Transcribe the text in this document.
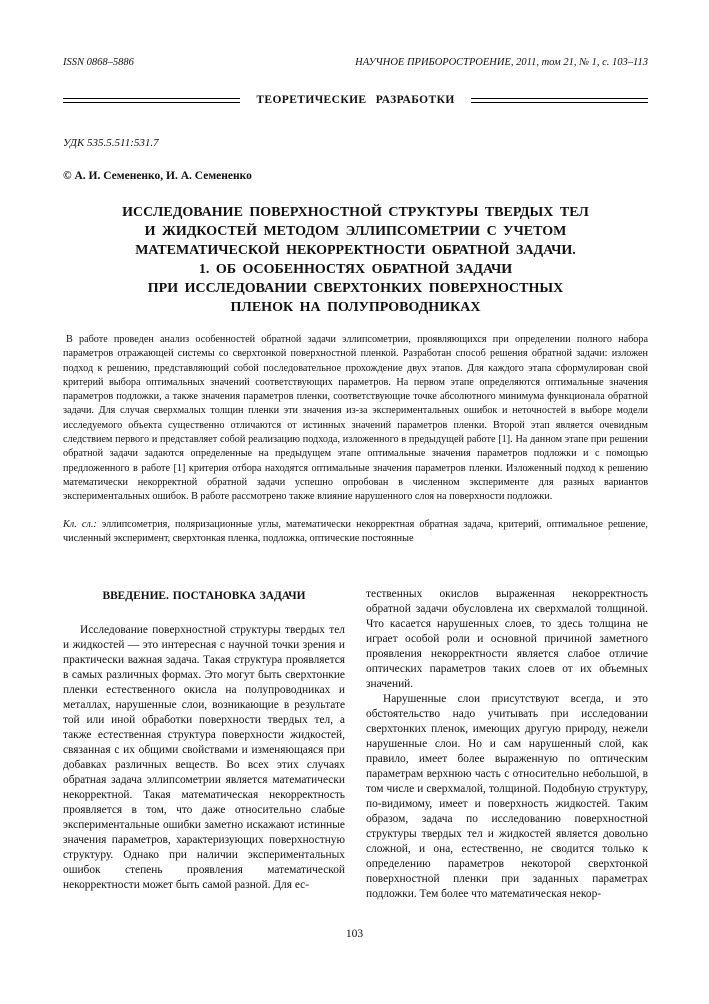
ISSN 0868–5886	НАУЧНОЕ ПРИБОРОСТРОЕНИЕ, 2011, том 21, № 1, с. 103–113
ТЕОРЕТИЧЕСКИЕ РАЗРАБОТКИ
УДК 535.5.511:531.7
© А. И. Семененко, И. А. Семененко
ИССЛЕДОВАНИЕ ПОВЕРХНОСТНОЙ СТРУКТУРЫ ТВЕРДЫХ ТЕЛ
И ЖИДКОСТЕЙ МЕТОДОМ ЭЛЛИПСОМЕТРИИ С УЧЕТОМ
МАТЕМАТИЧЕСКОЙ НЕКОРРЕКТНОСТИ ОБРАТНОЙ ЗАДАЧИ.
1. ОБ ОСОБЕННОСТЯХ ОБРАТНОЙ ЗАДАЧИ
ПРИ ИССЛЕДОВАНИИ СВЕРХТОНКИХ ПОВЕРХНОСТНЫХ
ПЛЕНОК НА ПОЛУПРОВОДНИКАХ

В работе проведен анализ особенностей обратной задачи эллипсометрии, проявляющихся при определении полного набора параметров отражающей системы со сверхтонкой поверхностной пленкой. Разработан способ решения обратной задачи: изложен подход к решению, представляющий собой последовательное прохождение двух этапов. Для каждого этапа сформулирован свой критерий выбора оптимальных значений соответствующих параметров. На первом этапе определяются оптимальные значения параметров подложки, а также значения параметров пленки, соответствующие точке абсолютного минимума функционала обратной задачи. Для случая сверхмалых толщин пленки эти значения из-за экспериментальных ошибок и неточностей в выборе модели исследуемого объекта существенно отличаются от истинных значений параметров пленки. Второй этап является очевидным следствием первого и представляет собой реализацию подхода, изложенного в предыдущей работе [1]. На данном этапе при решении обратной задачи задаются определенные на предыдущем этапе оптимальные значения параметров подложки и с помощью предложенного в работе [1] критерия отбора находятся оптимальные значения параметров пленки. Изложенный подход к решению математически некорректной обратной задачи успешно опробован в численном эксперименте для разных вариантов экспериментальных ошибок. В работе рассмотрено также влияние нарушенного слоя на поверхности подложки.

Кл. сл.: эллипсометрия, поляризационные углы, математически некорректная обратная задача, критерий, оптимальное решение, численный эксперимент, сверхтонкая пленка, подложка, оптические постоянные

ВВЕДЕНИЕ. ПОСТАНОВКА ЗАДАЧИ

Исследование поверхностной структуры твердых тел и жидкостей — это интересная с научной точки зрения и практически важная задача. Такая структура проявляется в самых различных формах. Это могут быть сверхтонкие пленки естественного окисла на полупроводниках и металлах, нарушенные слои, возникающие в результате той или иной обработки поверхности твердых тел, а также естественная структура поверхности жидкостей, связанная с их общими свойствами и изменяющаяся при добавках различных веществ. Во всех этих случаях обратная задача эллипсометрии является математически некорректной. Такая математическая некорректность проявляется в том, что даже относительно слабые экспериментальные ошибки заметно искажают истинные значения параметров, характеризующих поверхностную структуру. Однако при наличии экспериментальных ошибок степень проявления математической некорректности может быть самой разной. Для ес-

тественных окислов выраженная некорректность обратной задачи обусловлена их сверхмалой толщиной. Что касается нарушенных слоев, то здесь толщина не играет особой роли и основной причиной заметного проявления некорректности является слабое отличие оптических параметров таких слоев от их объемных значений.

Нарушенные слои присутствуют всегда, и это обстоятельство надо учитывать при исследовании сверхтонких пленок, имеющих другую природу, нежели нарушенные слои. Но и сам нарушенный слой, как правило, имеет более выраженную по оптическим параметрам верхнюю часть с относительно небольшой, в том числе и сверхмалой, толщиной. Подобную структуру, по-видимому, имеет и поверхность жидкостей. Таким образом, задача по исследованию поверхностной структуры твердых тел и жидкостей является довольно сложной, и она, естественно, не сводится только к определению параметров некоторой сверхтонкой поверхностной пленки при заданных параметрах подложки. Тем более что математическая некор-

103
